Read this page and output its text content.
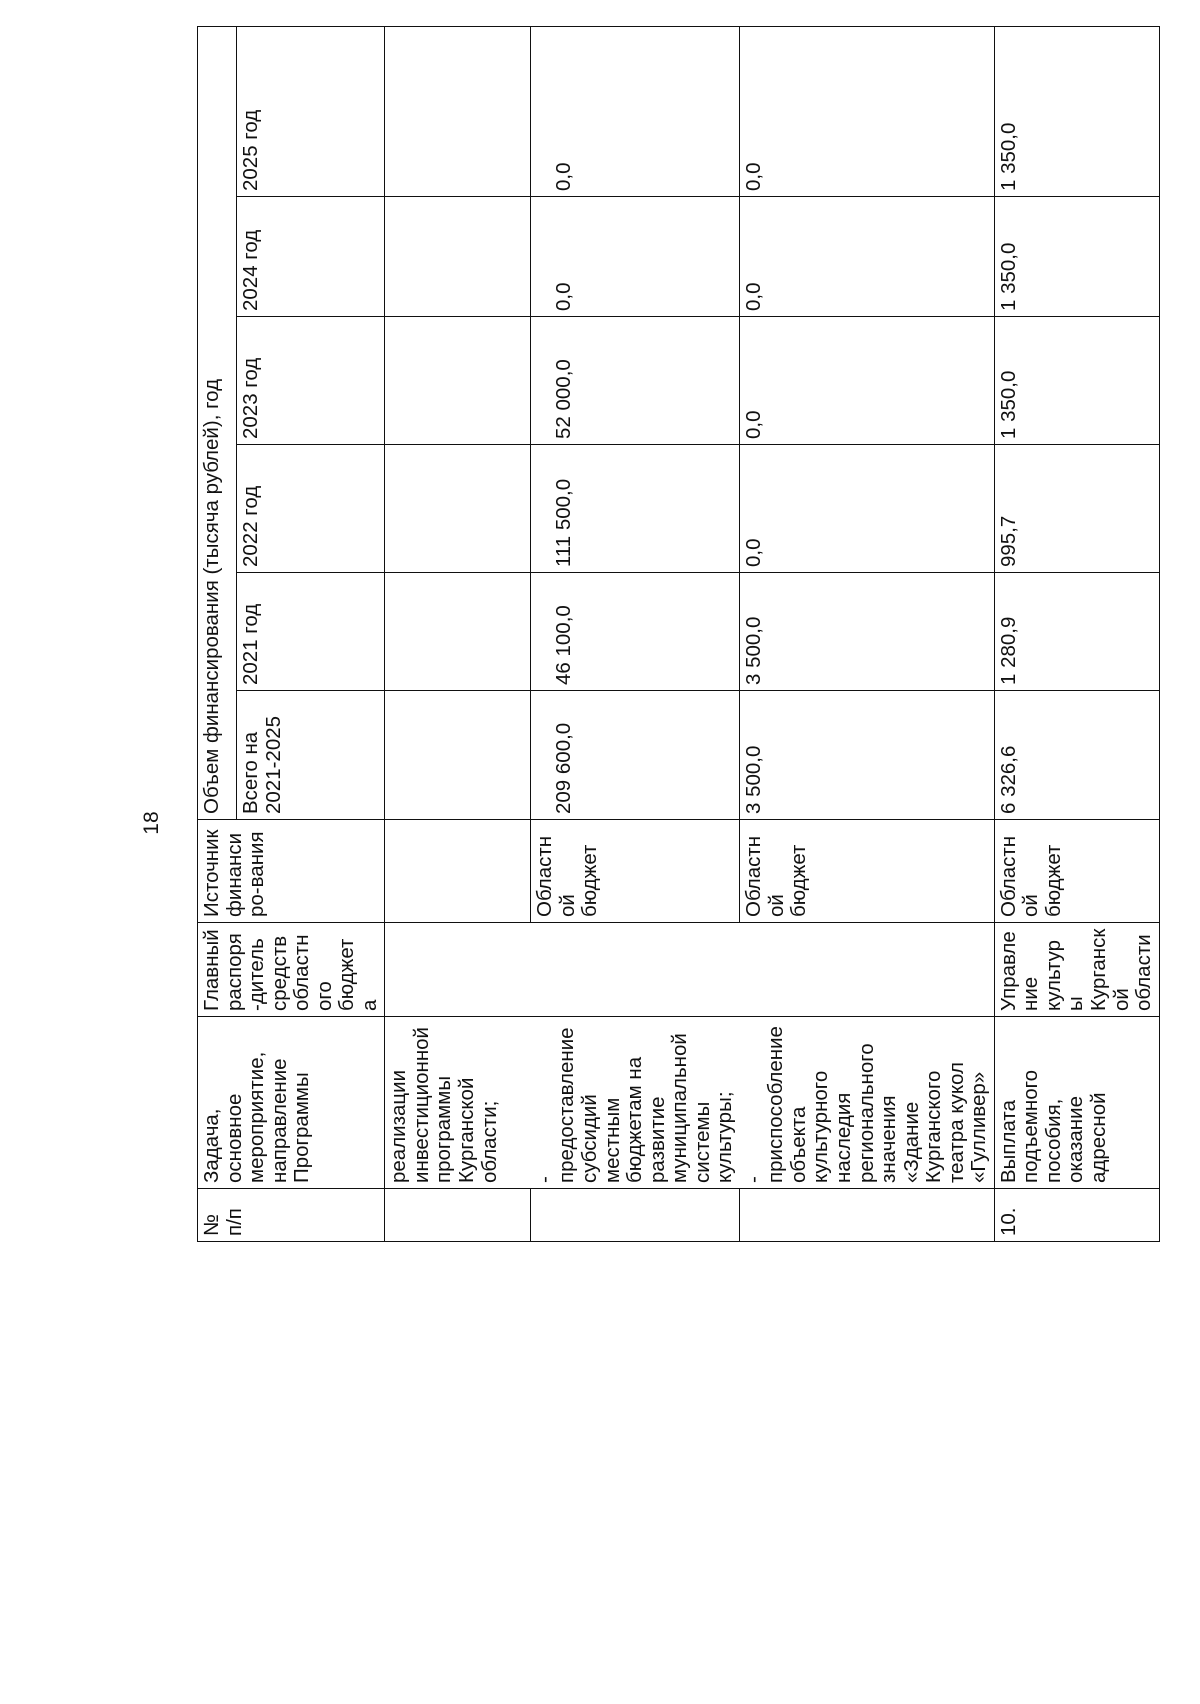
18
№ п/п	Задача, основное мероприятие, направление Программы	Главный распоря-дитель средств областного бюджета	Источник финансиро-вания	Объем финансирования (тысяча рублей), год					
				Всего на 2021-2025	2021 год	2022 год	2023 год	2024 год	2025 год
	реализации инвестиционной программы Курганской области;								
	- предоставление субсидий местным бюджетам на развитие муниципальной системы культуры;		Областной бюджет	209 600,0	46 100,0	111 500,0	52 000,0	0,0	0,0
	- приспособление объекта культурного наследия регионального значения «Здание Курганского театра кукол «Гулливер»		Областной бюджет	3 500,0	3 500,0	0,0	0,0	0,0	0,0
10.	Выплата подъемного пособия, оказание адресной	Управление культуры Курганской области	Областной бюджет	6 326,6	1 280,9	995,7	1 350,0	1 350,0	1 350,0
